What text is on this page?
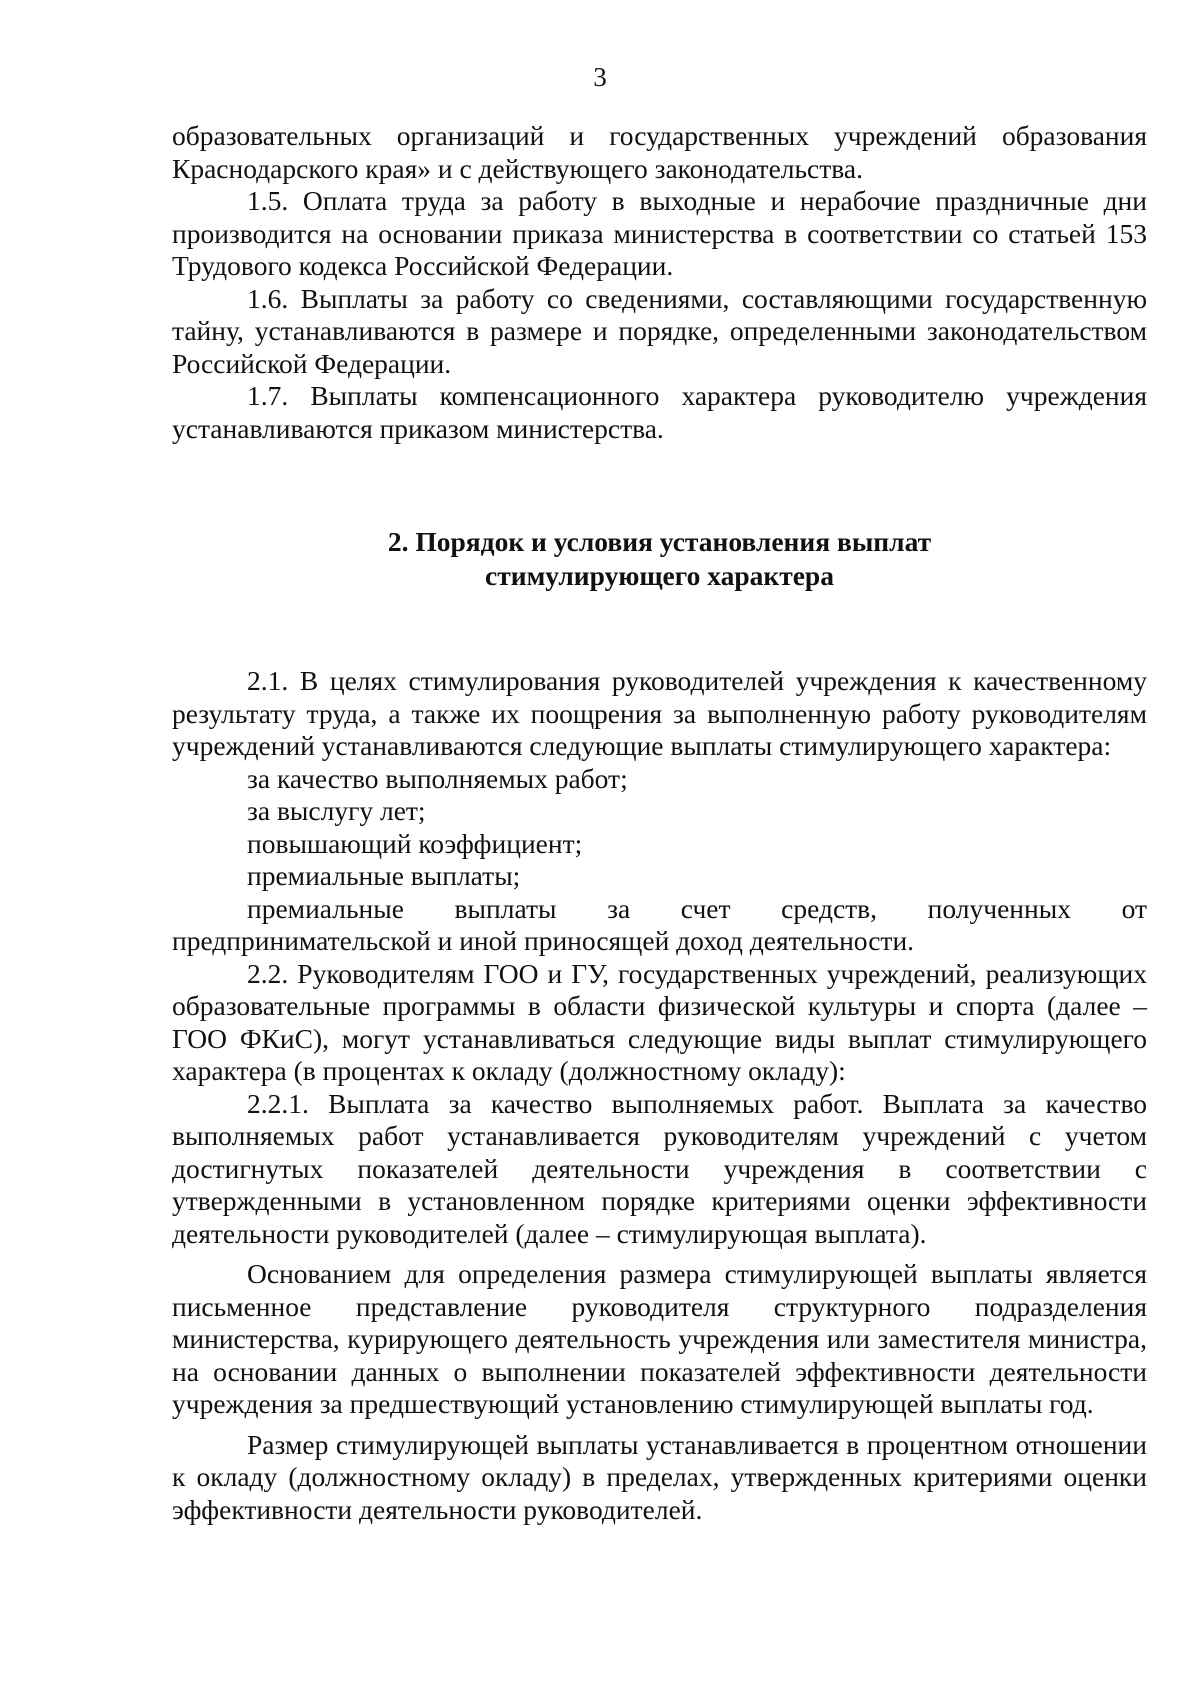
3

образовательных организаций и государственных учреждений образования Краснодарского края» и с действующего законодательства.

1.5. Оплата труда за работу в выходные и нерабочие праздничные дни производится на основании приказа министерства в соответствии со статьей 153 Трудового кодекса Российской Федерации.

1.6. Выплаты за работу со сведениями, составляющими государственную тайну, устанавливаются в размере и порядке, определенными законодательством Российской Федерации.

1.7. Выплаты компенсационного характера руководителю учреждения устанавливаются приказом министерства.

2. Порядок и условия установления выплат
стимулирующего характера

2.1. В целях стимулирования руководителей учреждения к качественному результату труда, а также их поощрения за выполненную работу руководителям учреждений устанавливаются следующие выплаты стимулирующего характера:

за качество выполняемых работ;

за выслугу лет;

повышающий коэффициент;

премиальные выплаты;

премиальные выплаты за счет средств, полученных от предпринимательской и иной приносящей доход деятельности.

2.2. Руководителям ГОО и ГУ, государственных учреждений, реализующих образовательные программы в области физической культуры и спорта (далее – ГОО ФКиС), могут устанавливаться следующие виды выплат стимулирующего характера (в процентах к окладу (должностному окладу):

2.2.1. Выплата за качество выполняемых работ. Выплата за качество выполняемых работ устанавливается руководителям учреждений с учетом достигнутых показателей деятельности учреждения в соответствии с утвержденными в установленном порядке критериями оценки эффективности деятельности руководителей (далее – стимулирующая выплата).

Основанием для определения размера стимулирующей выплаты является письменное представление руководителя структурного подразделения министерства, курирующего деятельность учреждения или заместителя министра, на основании данных о выполнении показателей эффективности деятельности учреждения за предшествующий установлению стимулирующей выплаты год.

Размер стимулирующей выплаты устанавливается в процентном отношении к окладу (должностному окладу) в пределах, утвержденных критериями оценки эффективности деятельности руководителей.
